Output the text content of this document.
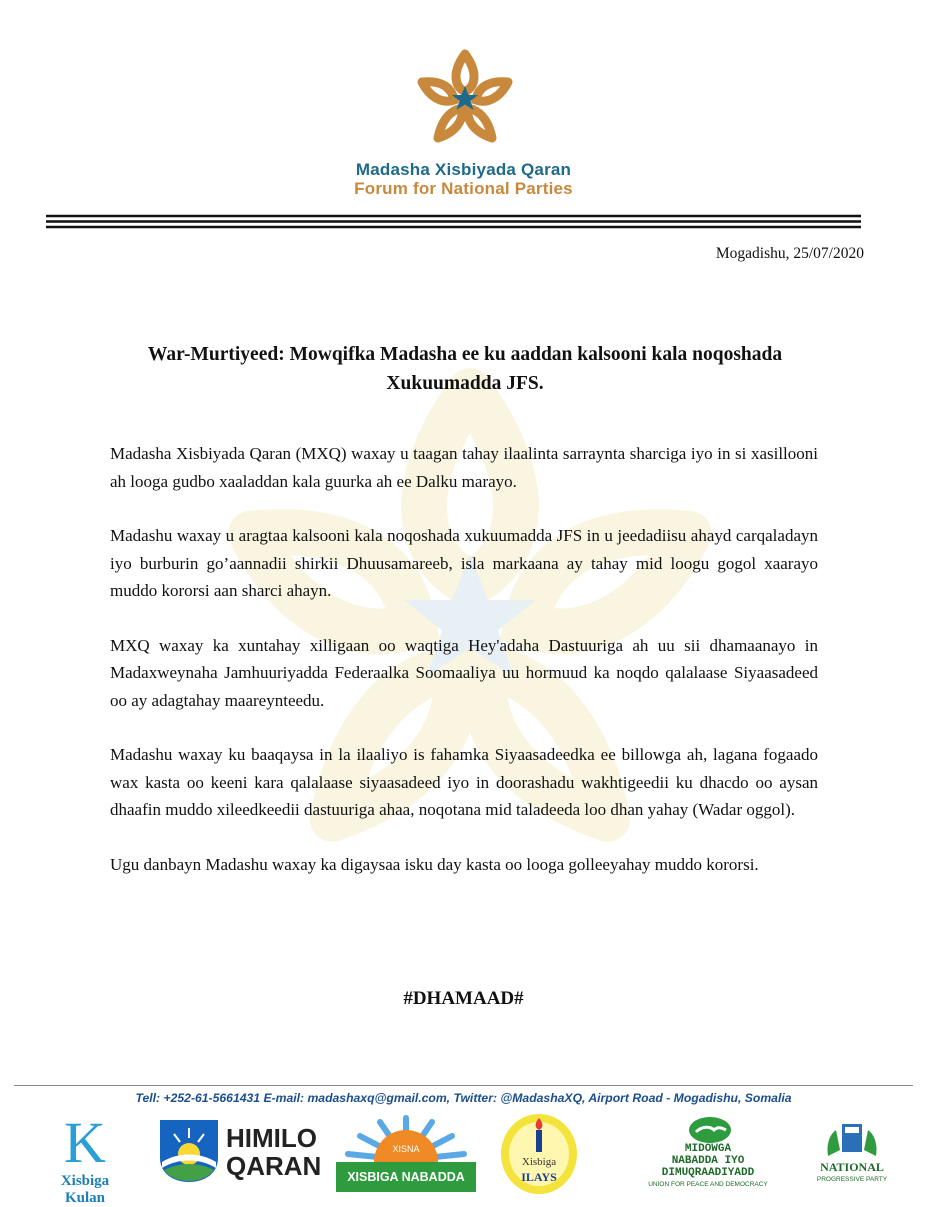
Madasha Xisbiyada Qaran
Forum for National Parties
Mogadishu, 25/07/2020
War-Murtiyeed: Mowqifka Madasha ee ku aaddan kalsooni kala noqoshada Xukuumadda JFS.

Madasha Xisbiyada Qaran (MXQ) waxay u taagan tahay ilaalinta sarraynta sharciga iyo in si xasillooni ah looga gudbo xaaladdan kala guurka ah ee Dalku marayo.

Madashu waxay u aragtaa kalsooni kala noqoshada xukuumadda JFS in u jeedadiisu ahayd carqaladayn iyo burburin go’aannadii shirkii Dhuusamareeb, isla markaana ay tahay mid loogu gogol xaarayo muddo kororsi aan sharci ahayn.

MXQ waxay ka xuntahay xilligaan oo waqtiga Hey'adaha Dastuuriga ah uu sii dhamaanayo in Madaxweynaha Jamhuuriyadda Federaalka Soomaaliya uu hormuud ka noqdo qalalaase Siyaasadeed oo ay adagtahay maareynteedu.

Madashu waxay ku baaqaysa in la ilaaliyo is fahamka Siyaasadeedka ee billowga ah, lagana fogaado wax kasta oo keeni kara qalalaase siyaasadeed iyo in doorashadu wakhtigeedii ku dhacdo oo aysan dhaafin muddo xileedkeedii dastuuriga ahaa, noqotana mid taladeeda loo dhan yahay (Wadar oggol).

Ugu danbayn Madashu waxay ka digaysaa isku day kasta oo looga golleeyahay muddo kororsi.

#DHAMAAD#
Tell: +252-61-5661431 E-mail: madashaxq@gmail.com, Twitter: @MadashaXQ, Airport Road - Mogadishu, Somalia
K
Xisbiga Kulan
HIMILO
QARAN
XISNA
XISBIGA NABADDA
Xisbiga
ILAYS
MIDOWGA
NABADDA IYO
DIMUQRAADIYADD
UNION FOR PEACE AND DEMOCRACY
NATIONAL
PROGRESSIVE PARTY
